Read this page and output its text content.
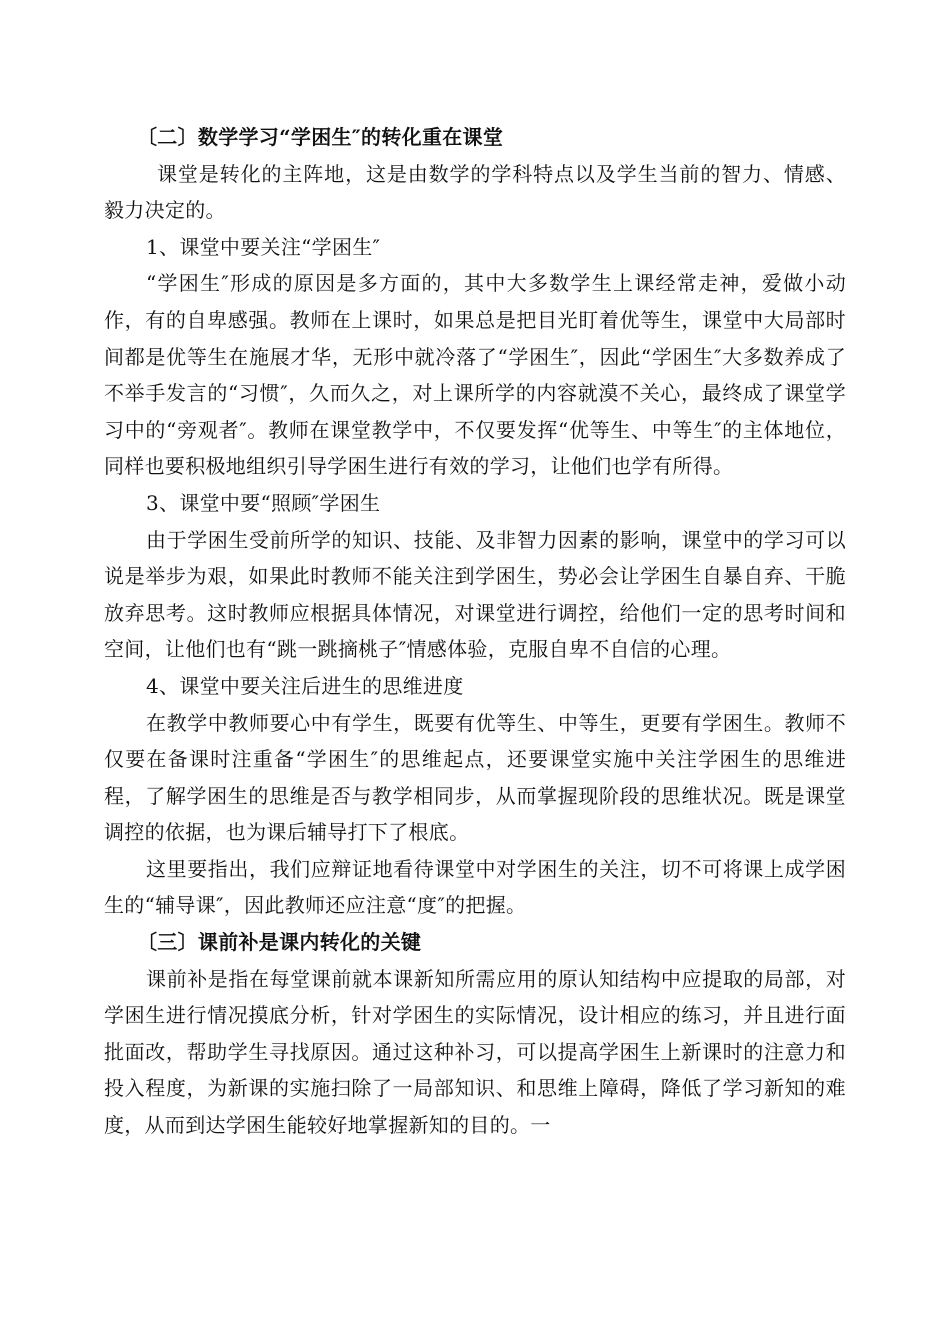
〔二〕数学学习“学困生″的转化重在课堂

课堂是转化的主阵地，这是由数学的学科特点以及学生当前的智力、情感、毅力决定的。

1、课堂中要关注“学困生″

“学困生″形成的原因是多方面的，其中大多数学生上课经常走神，爱做小动作，有的自卑感强。教师在上课时，如果总是把目光盯着优等生，课堂中大局部时间都是优等生在施展才华，无形中就冷落了“学困生″，因此“学困生″大多数养成了不举手发言的“习惯″，久而久之，对上课所学的内容就漠不关心，最终成了课堂学习中的“旁观者″。教师在课堂教学中，不仅要发挥“优等生、中等生″的主体地位，同样也要积极地组织引导学困生进行有效的学习，让他们也学有所得。

3、课堂中要“照顾″学困生

由于学困生受前所学的知识、技能、及非智力因素的影响，课堂中的学习可以说是举步为艰，如果此时教师不能关注到学困生，势必会让学困生自暴自弃、干脆放弃思考。这时教师应根据具体情况，对课堂进行调控，给他们一定的思考时间和空间，让他们也有“跳一跳摘桃子″情感体验，克服自卑不自信的心理。

4、课堂中要关注后进生的思维进度

在教学中教师要心中有学生，既要有优等生、中等生，更要有学困生。教师不仅要在备课时注重备“学困生″的思维起点，还要课堂实施中关注学困生的思维进程，了解学困生的思维是否与教学相同步，从而掌握现阶段的思维状况。既是课堂调控的依据，也为课后辅导打下了根底。

这里要指出，我们应辩证地看待课堂中对学困生的关注，切不可将课上成学困生的“辅导课″，因此教师还应注意“度″的把握。

〔三〕课前补是课内转化的关键

课前补是指在每堂课前就本课新知所需应用的原认知结构中应提取的局部，对学困生进行情况摸底分析，针对学困生的实际情况，设计相应的练习，并且进行面批面改，帮助学生寻找原因。通过这种补习，可以提高学困生上新课时的注意力和投入程度，为新课的实施扫除了一局部知识、和思维上障碍，降低了学习新知的难度，从而到达学困生能较好地掌握新知的目的。一
